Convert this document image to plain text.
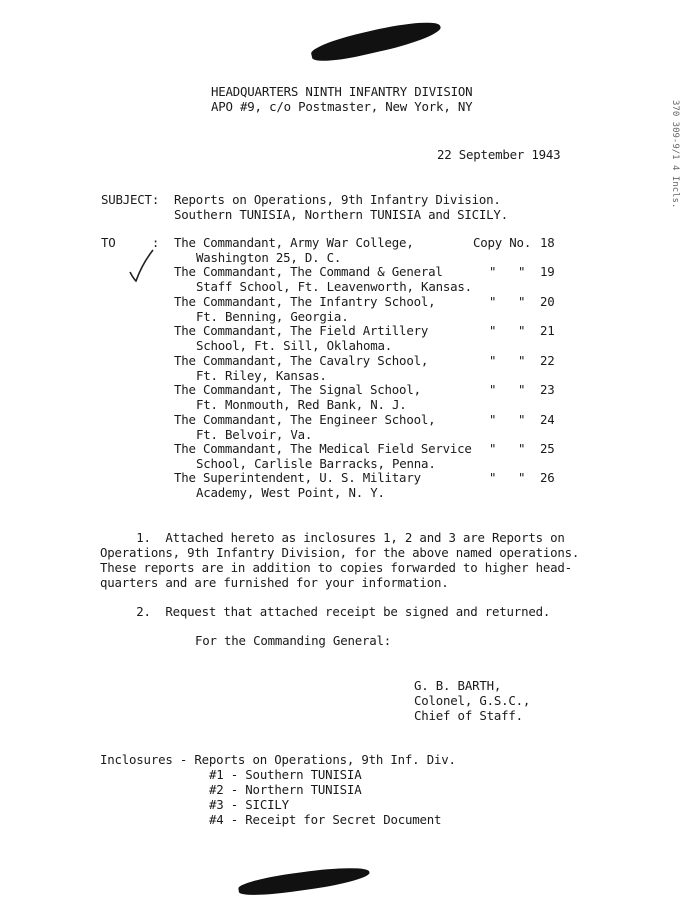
370 309-9/1 4 Incls.
HEADQUARTERS NINTH INFANTRY DIVISION
APO #9, c/o Postmaster, New York, NY
22 September 1943
SUBJECT: Reports on Operations, 9th Infantry Division.
Southern TUNISIA, Northern TUNISIA and SICILY.
TO     : The Commandant, Army War College,
Washington 25, D. C.
Copy No. 18
The Commandant, The Command & General
Staff School, Ft. Leavenworth, Kansas.
" " 19
The Commandant, The Infantry School,
Ft. Benning, Georgia.
" " 20
The Commandant, The Field Artillery
School, Ft. Sill, Oklahoma.
" " 21
The Commandant, The Cavalry School,
Ft. Riley, Kansas.
" " 22
The Commandant, The Signal School,
Ft. Monmouth, Red Bank, N. J.
" " 23
The Commandant, The Engineer School,
Ft. Belvoir, Va.
" " 24
The Commandant, The Medical Field Service
School, Carlisle Barracks, Penna.
" " 25
The Superintendent, U. S. Military
Academy, West Point, N. Y.
" " 26
1.  Attached hereto as inclosures 1, 2 and 3 are Reports on
Operations, 9th Infantry Division, for the above named operations.
These reports are in addition to copies forwarded to higher head-
quarters and are furnished for your information.
2.  Request that attached receipt be signed and returned.
For the Commanding General:
G. B. BARTH,
Colonel, G.S.C.,
Chief of Staff.
Inclosures - Reports on Operations, 9th Inf. Div.
#1 - Southern TUNISIA
#2 - Northern TUNISIA
#3 - SICILY
#4 - Receipt for Secret Document
